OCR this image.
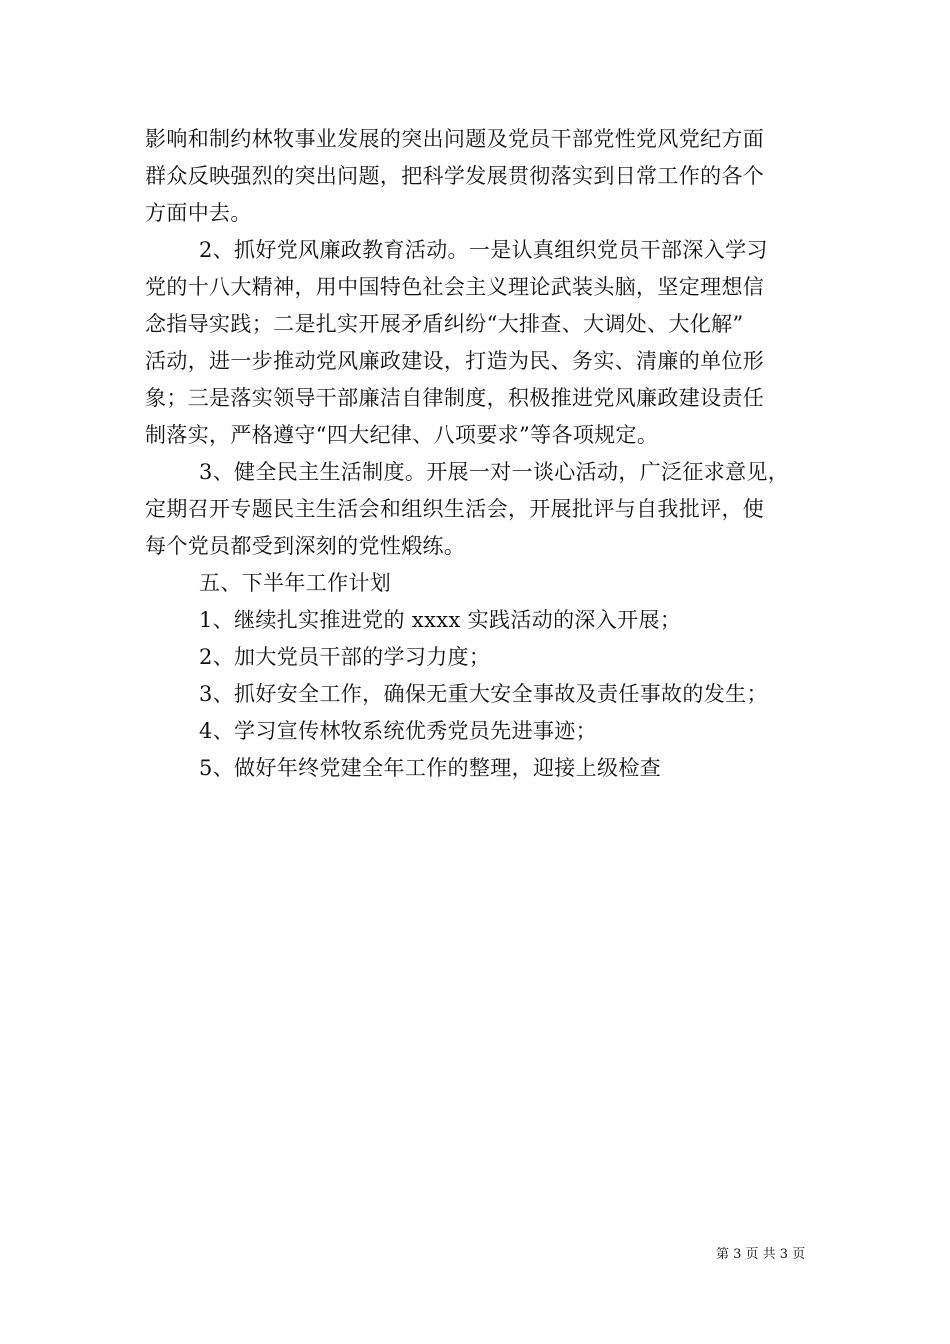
影响和制约林牧事业发展的突出问题及党员干部党性党风党纪方面
群众反映强烈的突出问题，把科学发展贯彻落实到日常工作的各个
方面中去。
2、抓好党风廉政教育活动。一是认真组织党员干部深入学习
党的十八大精神，用中国特色社会主义理论武装头脑，坚定理想信
念指导实践；二是扎实开展矛盾纠纷“大排查、大调处、大化解”
活动，进一步推动党风廉政建设，打造为民、务实、清廉的单位形
象；三是落实领导干部廉洁自律制度，积极推进党风廉政建设责任
制落实，严格遵守“四大纪律、八项要求”等各项规定。
3、健全民主生活制度。开展一对一谈心活动，广泛征求意见，
定期召开专题民主生活会和组织生活会，开展批评与自我批评，使
每个党员都受到深刻的党性煅练。
五、下半年工作计划
1、继续扎实推进党的 xxxx 实践活动的深入开展；
2、加大党员干部的学习力度；
3、抓好安全工作，确保无重大安全事故及责任事故的发生；
4、学习宣传林牧系统优秀党员先进事迹；
5、做好年终党建全年工作的整理，迎接上级检查
第 3 页 共 3 页
